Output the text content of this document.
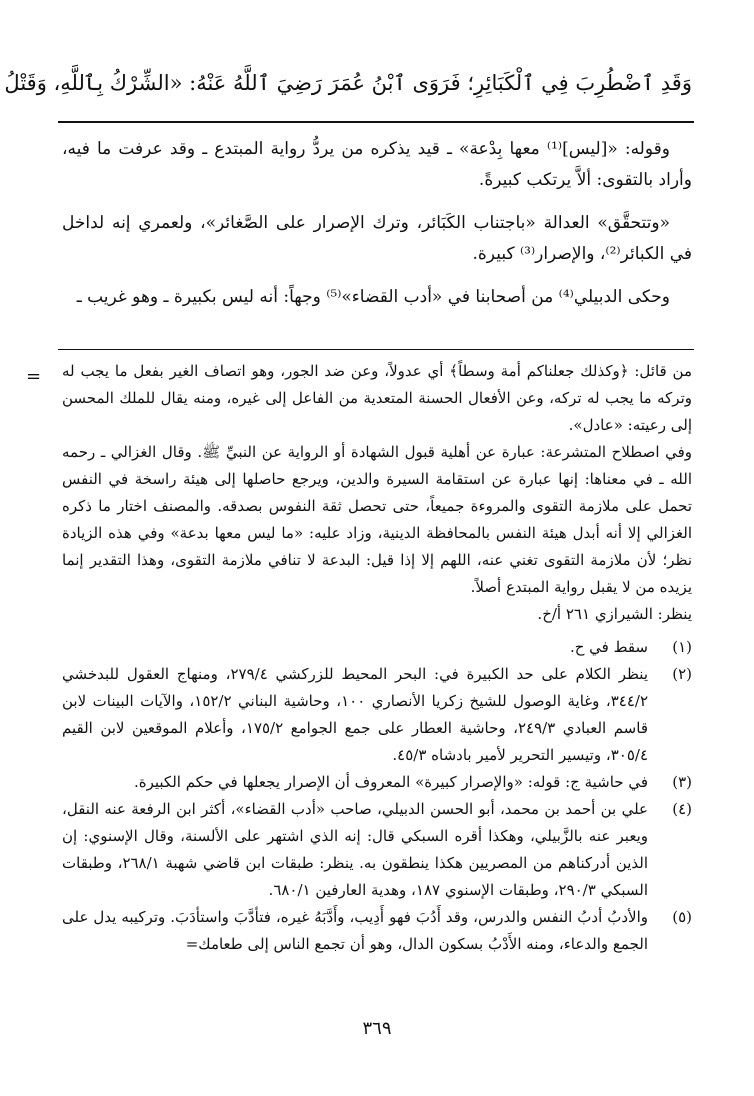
وَقَدِ ٱضْطُرِبَ فِي ٱلْكَبَائِرِ؛ فَرَوَى ٱبْنُ عُمَرَ رَضِيَ ٱللَّهُ عَنْهُ: «الشِّرْكُ بِٱللَّهِ، وَقَتْلُ

وقوله: «[ليس]⁽¹⁾ معها بِدْعة» ـ قيد يذكره من يردُّ رواية المبتدع ـ وقد عرفت ما فيه، وأراد بالتقوى: ألاَّ يرتكب كبيرةً.

«وتتحقَّق» العدالة «باجتناب الكَبَائر، وترك الإصرار على الصَّغائر»، ولعمري إنه لداخل في الكبائر⁽²⁾، والإصرار⁽³⁾ كبيرة.

وحكى الدبيلي⁽⁴⁾ من أصحابنا في «أدب القضاء»⁽⁵⁾ وجهاً: أنه ليس بكبيرة ـ وهو غريب ـ

= من قائل: ﴿وكذلك جعلناكم أمة وسطاً﴾ أي عدولاً، وعن ضد الجور، وهو اتصاف الغير بفعل ما يجب له وتركه ما يجب له تركه، وعن الأفعال الحسنة المتعدية من الفاعل إلى غيره، ومنه يقال للملك المحسن إلى رعيته: «عادل».

وفي اصطلاح المتشرعة: عبارة عن أهلية قبول الشهادة أو الرواية عن النبيِّ ﷺ. وقال الغزالي ـ رحمه الله ـ في معناها: إنها عبارة عن استقامة السيرة والدين، ويرجع حاصلها إلى هيئة راسخة في النفس تحمل على ملازمة التقوى والمروءة جميعاً، حتى تحصل ثقة النفوس بصدقه. والمصنف اختار ما ذكره الغزالي إلا أنه أبدل هيئة النفس بالمحافظة الدينية، وزاد عليه: «ما ليس معها بدعة» وفي هذه الزيادة نظر؛ لأن ملازمة التقوى تغني عنه، اللهم إلا إذا قيل: البدعة لا تنافي ملازمة التقوى، وهذا التقدير إنما يزيده من لا يقبل رواية المبتدع أصلاً.

ينظر: الشيرازي ٢٦١ أ/خ.

(١)
سقط في ح.
(٢)
ينظر الكلام على حد الكبيرة في: البحر المحيط للزركشي ٢٧٩/٤، ومنهاج العقول للبدخشي ٣٤٤/٢، وغاية الوصول للشيخ زكريا الأنصاري ١٠٠، وحاشية البناني ١٥٢/٢، والآيات البينات لابن قاسم العبادي ٢٤٩/٣، وحاشية العطار على جمع الجوامع ١٧٥/٢، وأعلام الموقعين لابن القيم ٣٠٥/٤، وتيسير التحرير لأمير بادشاه ٤٥/٣.
(٣)
في حاشية ج: قوله: «والإصرار كبيرة» المعروف أن الإصرار يجعلها في حكم الكبيرة.
(٤)
علي بن أحمد بن محمد، أبو الحسن الدبيلي، صاحب «أدب القضاء»، أكثر ابن الرفعة عنه النقل، ويعبر عنه بالزَّبيلي، وهكذا أقره السبكي قال: إنه الذي اشتهر على الألسنة، وقال الإسنوي: إن الذين أدركناهم من المصريين هكذا ينطقون به. ينظر: طبقات ابن قاضي شهبة ٢٦٨/١، وطبقات السبكي ٢٩٠/٣، وطبقات الإسنوي ١٨٧، وهدية العارفين ٦٨٠/١.
(٥)
والأدبُ أدبُ النفس والدرس، وقد أَدُبَ فهو أَدِيب، وأَدَّبَهُ غيره، فتأدَّبَ واستأدَبَ. وتركيبه يدل على الجمع والدعاء، ومنه الأَدْبُ بسكون الدال، وهو أن تجمع الناس إلى طعامك=
٣٦٩
